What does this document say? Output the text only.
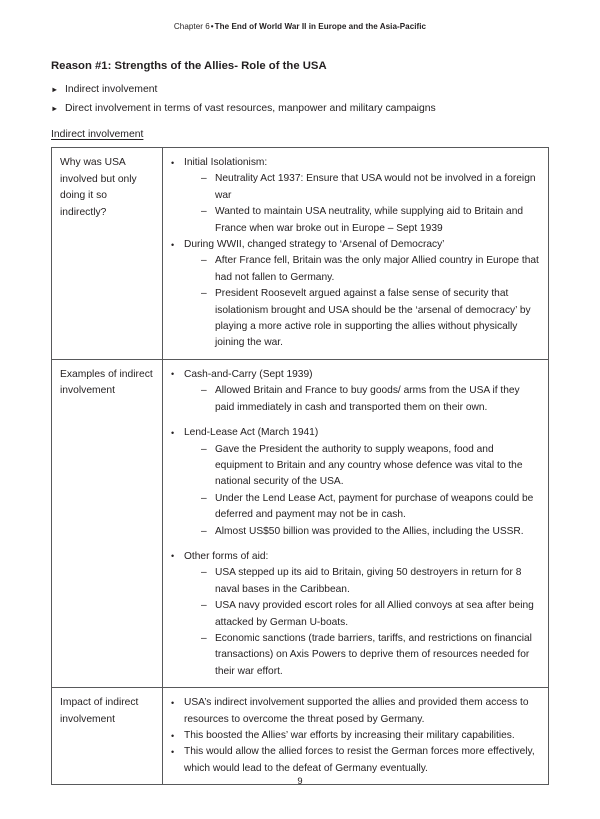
Chapter 6•The End of World War II in Europe and the Asia-Pacific
Reason #1: Strengths of the Allies- Role of the USA
► Indirect involvement
► Direct involvement in terms of vast resources, manpower and military campaigns
Indirect involvement
Why was USA involved but only doing it so indirectly?

• Initial Isolationism:
– Neutrality Act 1937: Ensure that USA would not be involved in a foreign war
– Wanted to maintain USA neutrality, while supplying aid to Britain and France when war broke out in Europe – Sept 1939
• During WWII, changed strategy to ‘Arsenal of Democracy’
– After France fell, Britain was the only major Allied country in Europe that had not fallen to Germany.
– President Roosevelt argued against a false sense of security that isolationism brought and USA should be the ‘arsenal of democracy’ by playing a more active role in supporting the allies without physically joining the war.

Examples of indirect involvement

• Cash-and-Carry (Sept 1939)
– Allowed Britain and France to buy goods/ arms from the USA if they paid immediately in cash and transported them on their own.
• Lend-Lease Act (March 1941)
– Gave the President the authority to supply weapons, food and equipment to Britain and any country whose defence was vital to the national security of the USA.
– Under the Lend Lease Act, payment for purchase of weapons could be deferred and payment may not be in cash.
– Almost US$50 billion was provided to the Allies, including the USSR.
• Other forms of aid:
– USA stepped up its aid to Britain, giving 50 destroyers in return for 8 naval bases in the Caribbean.
– USA navy provided escort roles for all Allied convoys at sea after being attacked by German U-boats.
– Economic sanctions (trade barriers, tariffs, and restrictions on financial transactions) on Axis Powers to deprive them of resources needed for their war effort.

Impact of indirect involvement

• USA’s indirect involvement supported the allies and provided them access to resources to overcome the threat posed by Germany.
• This boosted the Allies’ war efforts by increasing their military capabilities.
• This would allow the allied forces to resist the German forces more effectively, which would lead to the defeat of Germany eventually.
9
